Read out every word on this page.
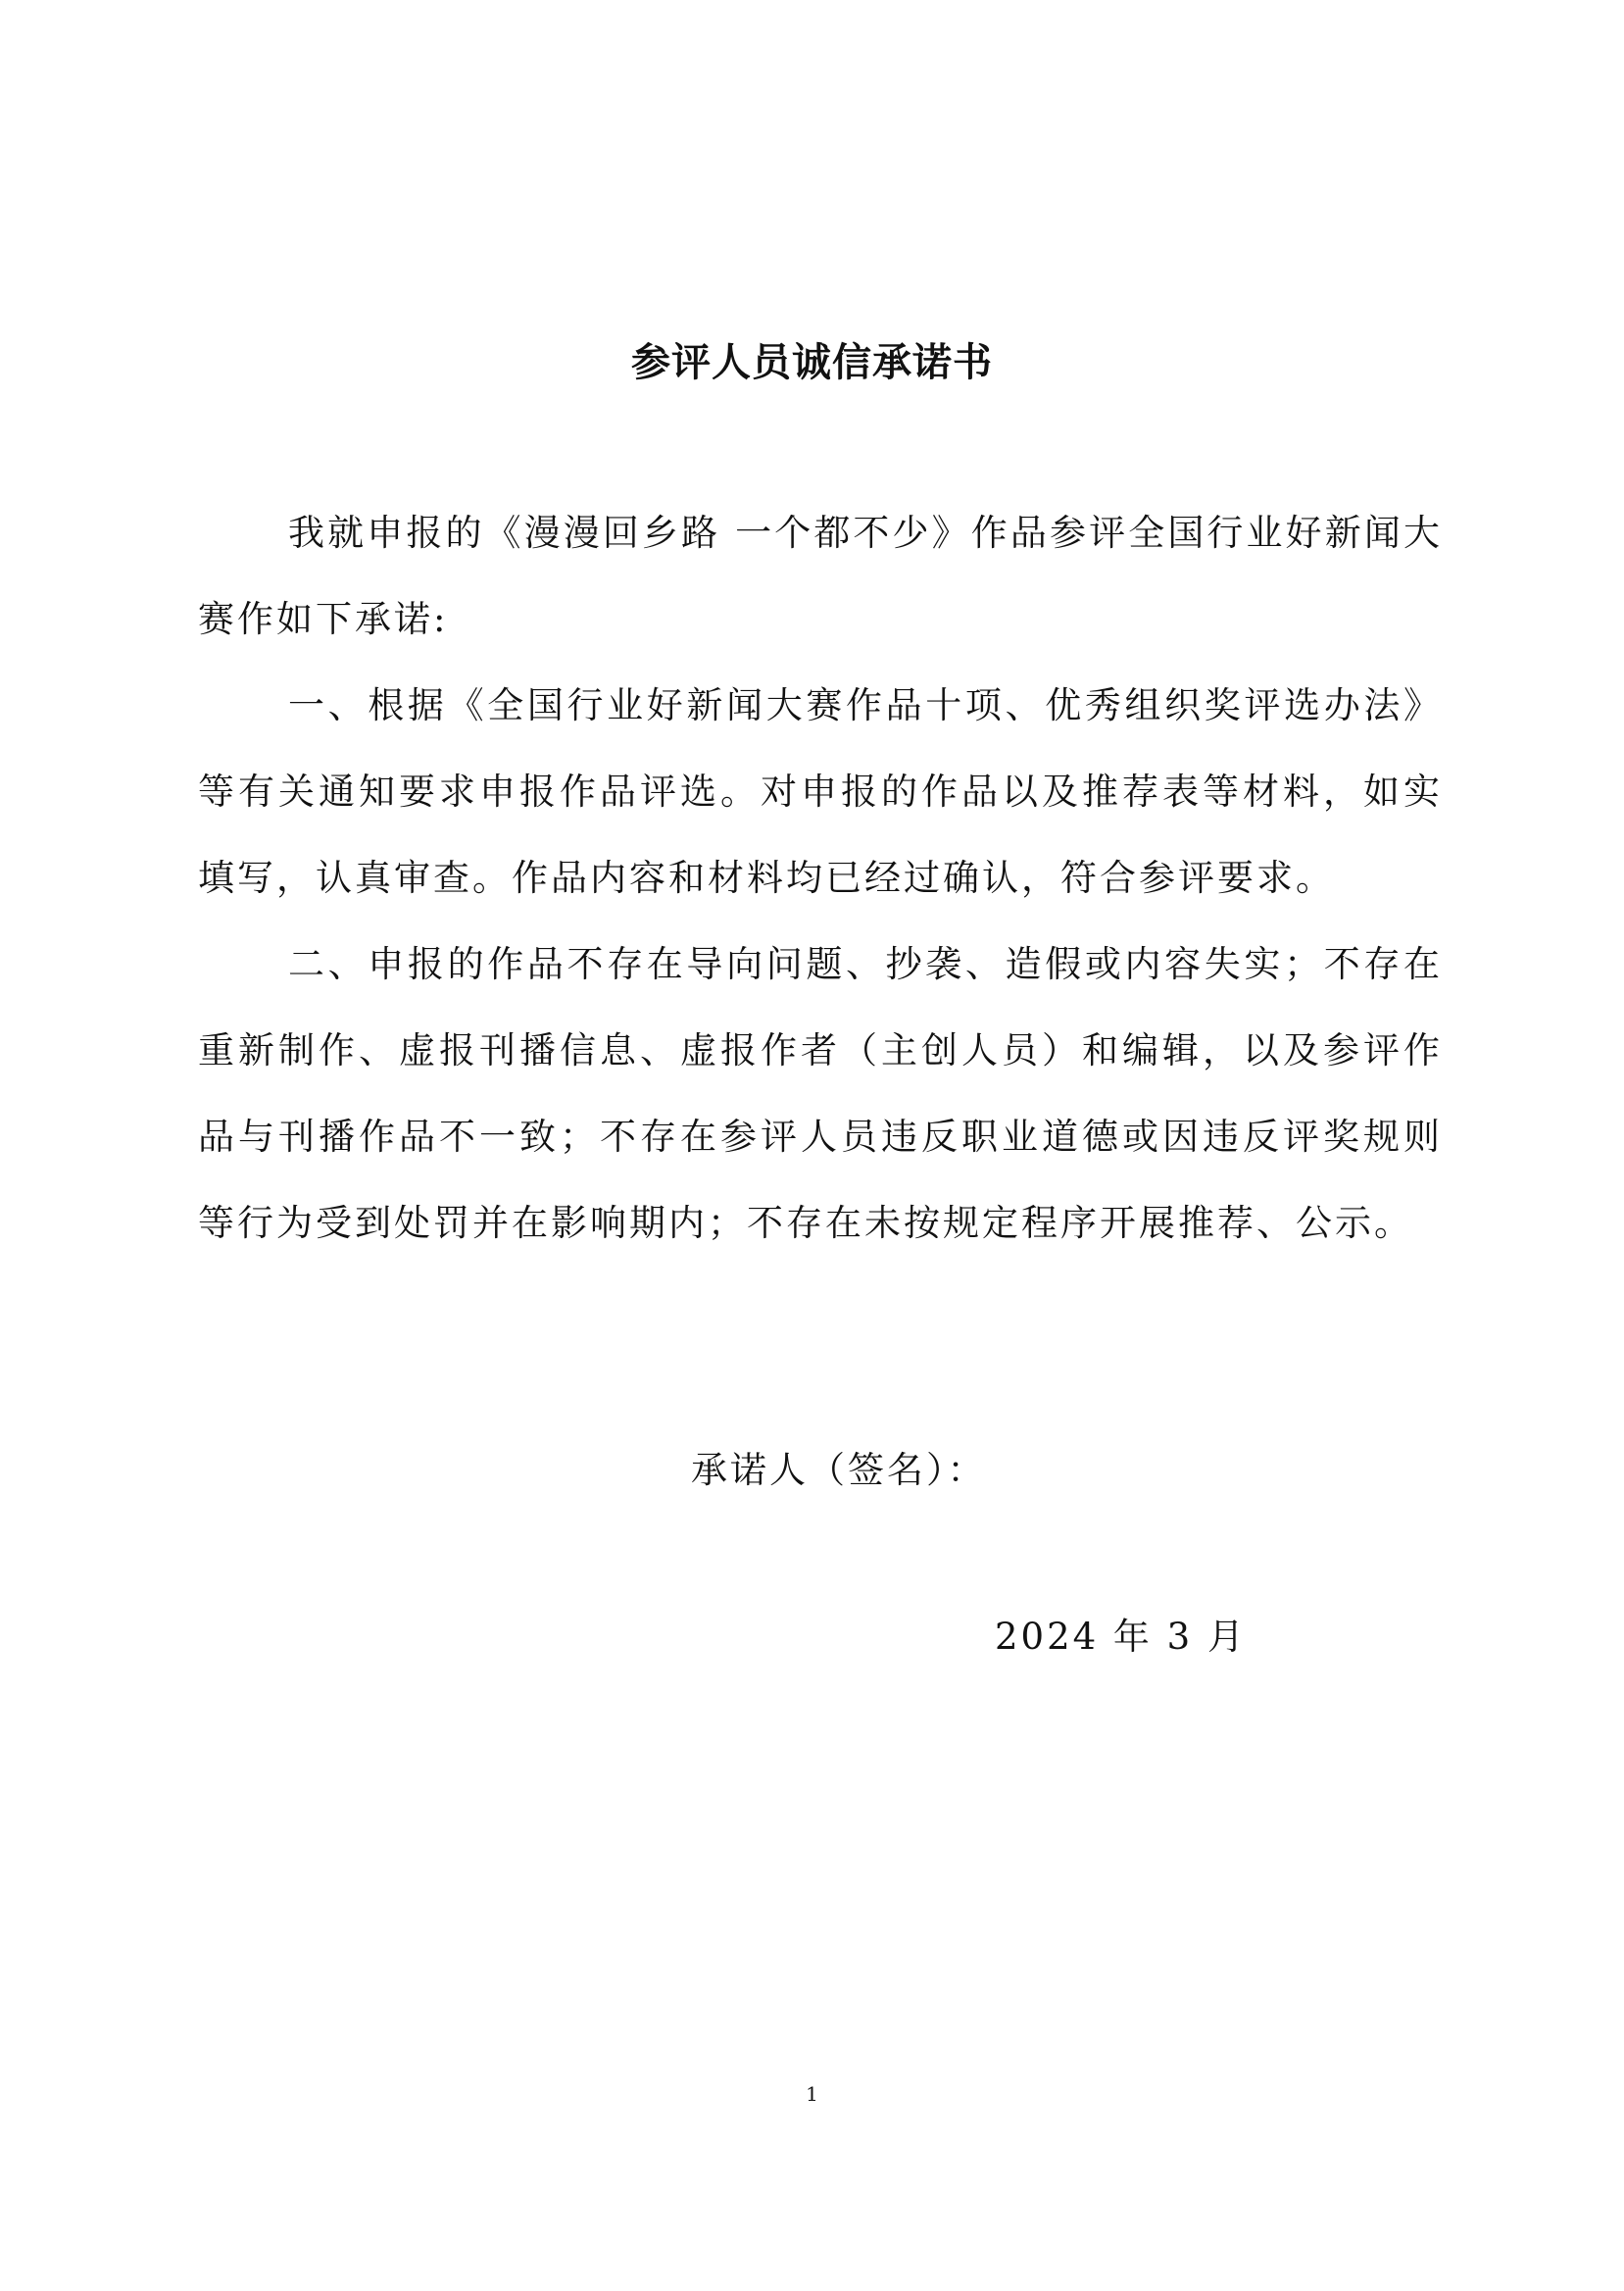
参评人员诚信承诺书

我就申报的《漫漫回乡路 一个都不少》作品参评全国行业好新闻大赛作如下承诺:

一、根据《全国行业好新闻大赛作品十项、优秀组织奖评选办法》等有关通知要求申报作品评选。对申报的作品以及推荐表等材料，如实填写，认真审查。作品内容和材料均已经过确认，符合参评要求。

二、申报的作品不存在导向问题、抄袭、造假或内容失实；不存在重新制作、虚报刊播信息、虚报作者（主创人员）和编辑，以及参评作品与刊播作品不一致；不存在参评人员违反职业道德或因违反评奖规则等行为受到处罚并在影响期内；不存在未按规定程序开展推荐、公示。

承诺人（签名）：
2024 年 3 月
1
